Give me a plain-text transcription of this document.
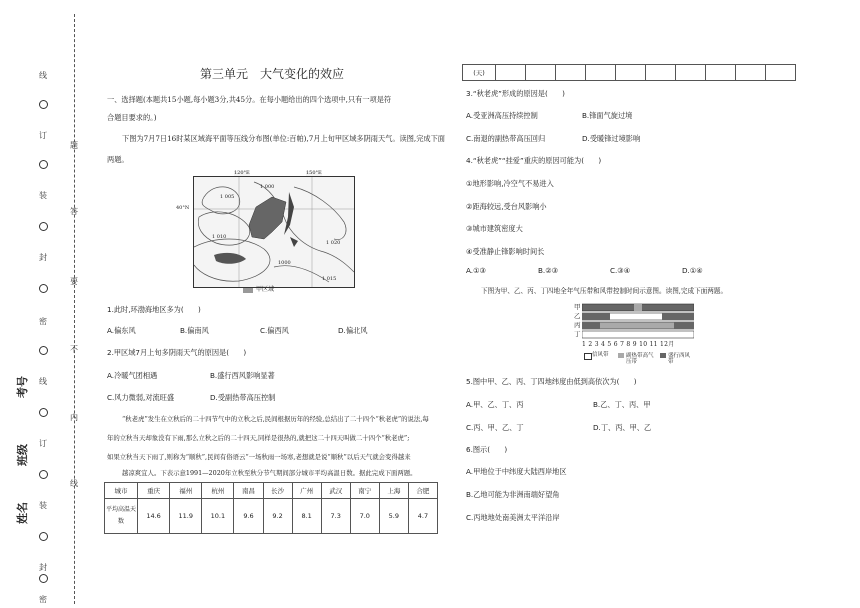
线
订
装
封
密
线
订
装
封
密
题
答
要
不
内
线
考号
班级
姓名
第三单元　大气变化的效应
一、选择题(本题共15小题,每小题3分,共45分。在每小题给出的四个选项中,只有一项是符
合题目要求的。)
下图为7月7日16时某区域海平面等压线分布图(单位:百帕),7月上旬甲区域多阴雨天气。读图,完成下面
两题。
120°E	150°E
40°N
1 000
1 005
1 010
1 015
1 020
1000
甲区域
1.此时,环渤海地区多为(　　)
A.偏东风	B.偏南风	C.偏西风	D.偏北风
2.甲区域7月上旬多阴雨天气的原因是(　　)
A.冷暖气团相遇	B.盛行西风影响显著
C.风力微弱,对流旺盛	D.受副热带高压控制
“秋老虎”发生在立秋后的二十四节气中的立秋之后,民间根据历年的经验,总结出了二十四个“秋老虎”的说法,每
年的立秋当天却象没有下雨,那么立秋之后的二十四天,同样是很热的,就把这二十四天叫做二十四个“秋老虎”;
如果立秋当天下雨了,则称为“顺秋”,民间有俗语云“一场秋雨一场寒,老想就是说“顺秋”以后天气就会变得越来
越凉爽宜人。下表示意1991—2020年立秋至秋分节气期间部分城市平均高温日数。据此完成下面两题。
城市	重庆	福州	杭州	南昌	长沙	广州	武汉	南宁	上海	合肥
平均高温天数	14.6	11.9	10.1	9.6	9.2	8.1	7.3	7.0	5.9	4.7
(天)										
3.“秋老虎”形成的原因是(　　)
A.受亚洲高压持续控制	B.锋面气旋过境
C.南退的副热带高压回归	D.受暖锋过境影响
4.“秋老虎”“挂爱”重庆的原因可能为(　　)
①地形影响,冷空气不易进入
②距海较远,受台风影响小
③城市建筑密度大
④受准静止锋影响时间长
A.①③	B.②③	C.③④	D.①④
下图为甲、乙、丙、丁四地全年气压带和风带控制时间示意图。读图,完成下面两题。
甲
乙
丙
丁
1 2 3 4 5 6 7 8 9 10 11 12月
信风带	副热带高气压带
盛行西风带
5.图中甲、乙、丙、丁四地纬度由低到高依次为(　　)
A.甲、乙、丁、丙	B.乙、丁、丙、甲
C.丙、甲、乙、丁	D.丁、丙、甲、乙
6.图示(　　)
A.甲地位于中纬度大陆西岸地区
B.乙地可能为非洲南端好望角
C.丙地地处南美洲太平洋沿岸
